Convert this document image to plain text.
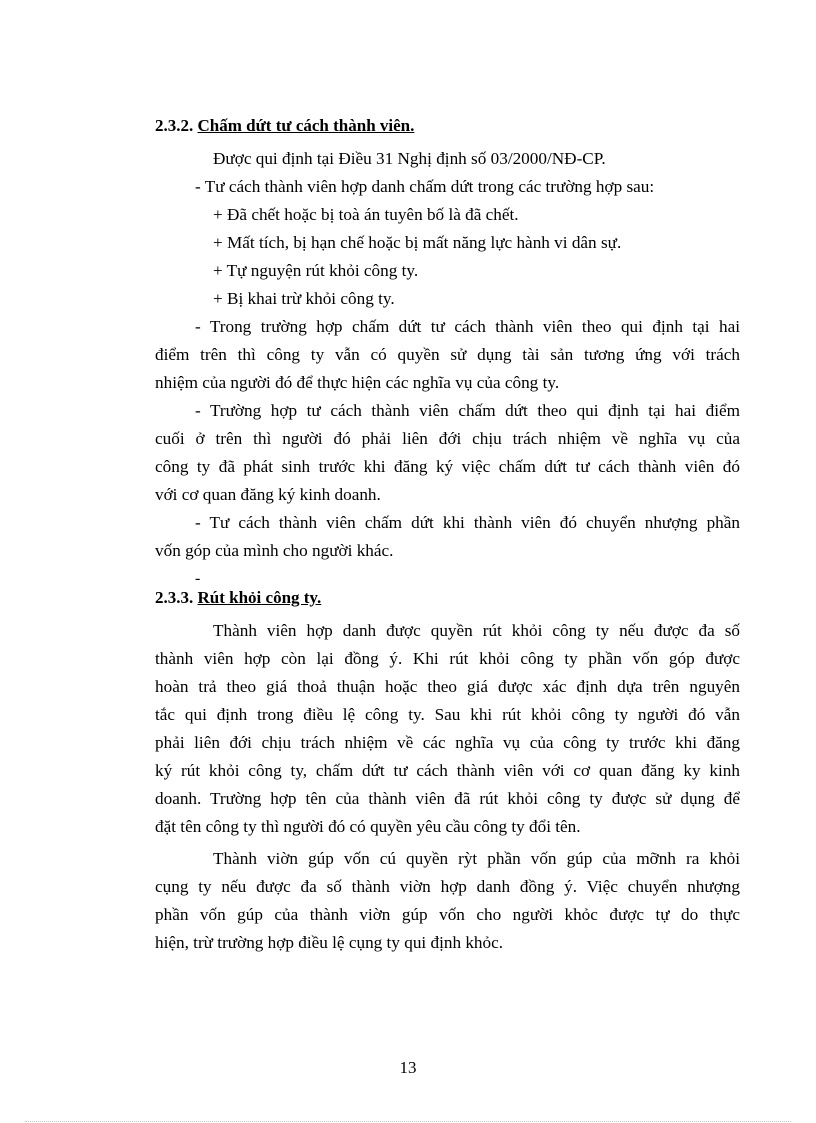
2.3.2. Chấm dứt tư cách thành viên.
Được qui định tại Điều 31 Nghị định số 03/2000/NĐ-CP.
- Tư cách thành viên hợp danh chấm dứt trong các trường hợp sau:
+ Đã chết hoặc bị toà án tuyên bố là đã chết.
+ Mất tích, bị hạn chế hoặc bị mất năng lực hành vi dân sự.
+ Tự nguyện rút khỏi công ty.
+ Bị khai trừ khỏi công ty.
- Trong trường hợp chấm dứt tư cách thành viên theo qui định tại hai
điểm trên thì công ty vẫn có quyền sử dụng tài sản tương ứng với trách
nhiệm của người đó để thực hiện các nghĩa vụ của công ty.
- Trường hợp tư cách thành viên chấm dứt theo qui định tại hai điểm
cuối ở trên thì người đó phải liên đới chịu trách nhiệm về nghĩa vụ của
công ty đã phát sinh trước khi đăng ký việc chấm dứt tư cách thành viên đó
với cơ quan đăng ký kinh doanh.
- Tư cách thành viên chấm dứt khi thành viên đó chuyển nhượng phần
vốn góp của mình cho người khác.
-
2.3.3. Rút khỏi công ty.
Thành viên hợp danh được quyền rút khỏi công ty nếu được đa số
thành viên hợp còn lại đồng ý. Khi rút khỏi công ty phần vốn góp được
hoàn trả theo giá thoả thuận hoặc theo giá được xác định dựa trên nguyên
tắc qui định trong điều lệ công ty. Sau khi rút khỏi công ty người đó vẫn
phải liên đới chịu trách nhiệm về các nghĩa vụ của công ty trước khi đăng
ký rút khỏi công ty, chấm dứt tư cách thành viên với cơ quan đăng ky kinh
doanh. Trường hợp tên của thành viên đã rút khỏi công ty được sử dụng để
đặt tên công ty thì người đó có quyền yêu cầu công ty đổi tên.
Thành viờn gúp vốn cú quyền rỳt phần vốn gúp của mỡnh ra khỏi
cụng ty nếu được đa số thành viờn hợp danh đồng ý. Việc chuyển nhượng
phần vốn gúp của thành viờn gúp vốn cho người khỏc được tự do thực
hiện, trừ trường hợp điều lệ cụng ty qui định khỏc.
13
